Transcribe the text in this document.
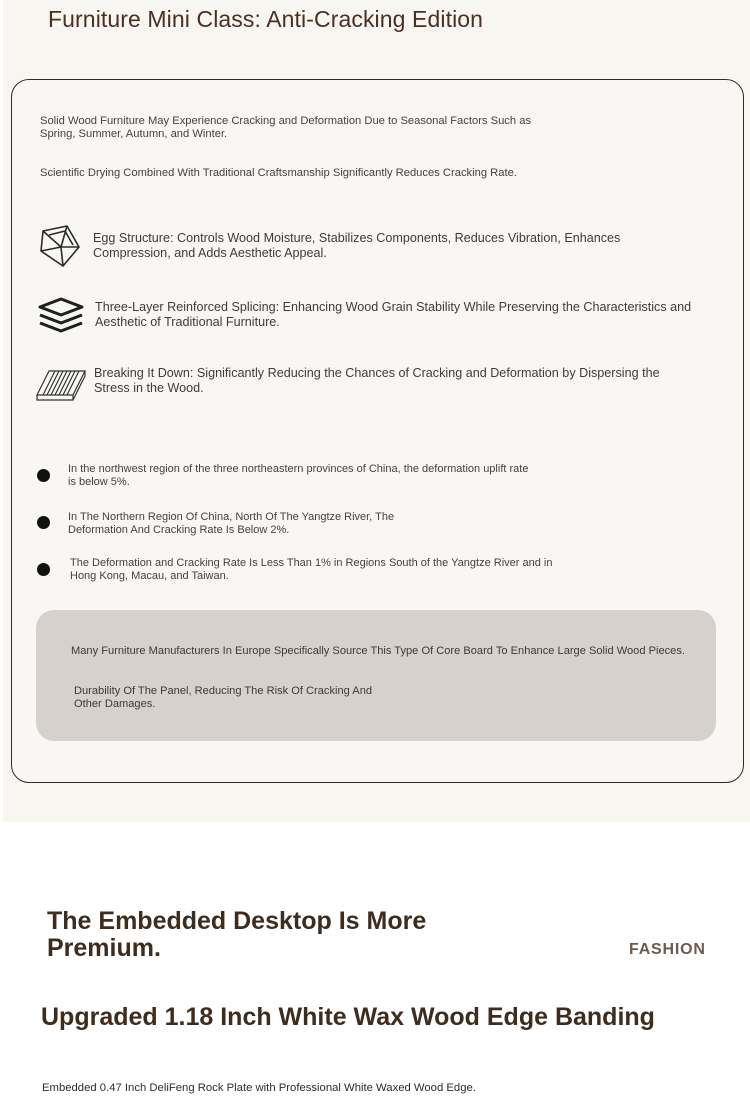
Furniture Mini Class: Anti-Cracking Edition
Solid Wood Furniture May Experience Cracking and Deformation Due to Seasonal Factors Such as Spring, Summer, Autumn, and Winter.
Scientific Drying Combined With Traditional Craftsmanship Significantly Reduces Cracking Rate.
Egg Structure: Controls Wood Moisture, Stabilizes Components, Reduces Vibration, Enhances Compression, and Adds Aesthetic Appeal.
Three-Layer Reinforced Splicing: Enhancing Wood Grain Stability While Preserving the Characteristics and Aesthetic of Traditional Furniture.
Breaking It Down: Significantly Reducing the Chances of Cracking and Deformation by Dispersing the Stress in the Wood.
In the northwest region of the three northeastern provinces of China, the deformation uplift rate is below 5%.
In The Northern Region Of China, North Of The Yangtze River, The Deformation And Cracking Rate Is Below 2%.
The Deformation and Cracking Rate Is Less Than 1% in Regions South of the Yangtze River and in Hong Kong, Macau, and Taiwan.
Many Furniture Manufacturers In Europe Specifically Source This Type Of Core Board To Enhance Large Solid Wood Pieces.
Durability Of The Panel, Reducing The Risk Of Cracking And Other Damages.
The Embedded Desktop Is More Premium.	FASHION
Upgraded 1.18 Inch White Wax Wood Edge Banding
Embedded 0.47 Inch DeliFeng Rock Plate with Professional White Waxed Wood Edge.
